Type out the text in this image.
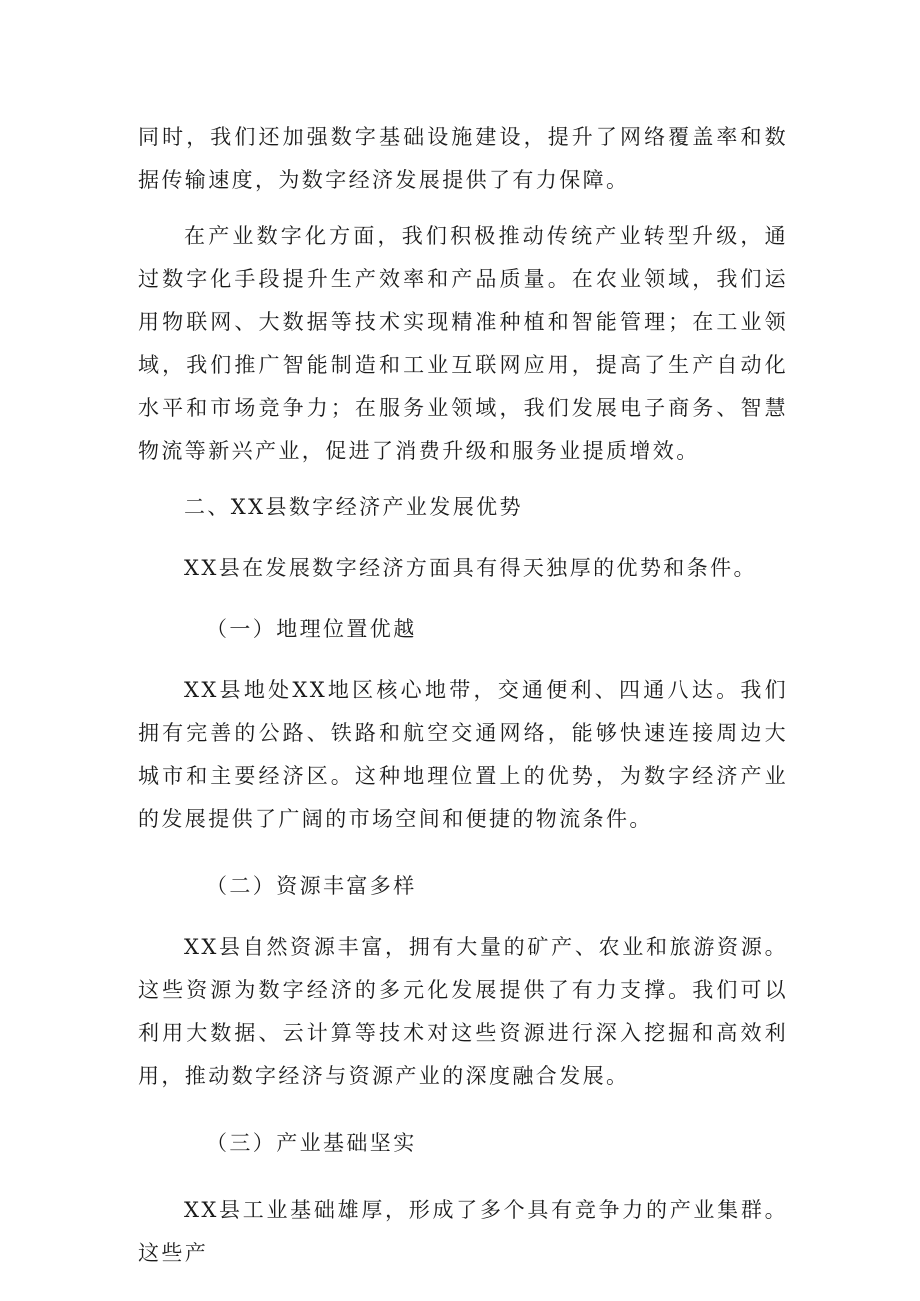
同时，我们还加强数字基础设施建设，提升了网络覆盖率和数据传输速度，为数字经济发展提供了有力保障。

在产业数字化方面，我们积极推动传统产业转型升级，通过数字化手段提升生产效率和产品质量。在农业领域，我们运用物联网、大数据等技术实现精准种植和智能管理；在工业领域，我们推广智能制造和工业互联网应用，提高了生产自动化水平和市场竞争力；在服务业领域，我们发展电子商务、智慧物流等新兴产业，促进了消费升级和服务业提质增效。

二、XX县数字经济产业发展优势

XX县在发展数字经济方面具有得天独厚的优势和条件。

（一）地理位置优越

XX县地处XX地区核心地带，交通便利、四通八达。我们拥有完善的公路、铁路和航空交通网络，能够快速连接周边大城市和主要经济区。这种地理位置上的优势，为数字经济产业的发展提供了广阔的市场空间和便捷的物流条件。

（二）资源丰富多样

XX县自然资源丰富，拥有大量的矿产、农业和旅游资源。这些资源为数字经济的多元化发展提供了有力支撑。我们可以利用大数据、云计算等技术对这些资源进行深入挖掘和高效利用，推动数字经济与资源产业的深度融合发展。

（三）产业基础坚实

XX县工业基础雄厚，形成了多个具有竞争力的产业集群。这些产
